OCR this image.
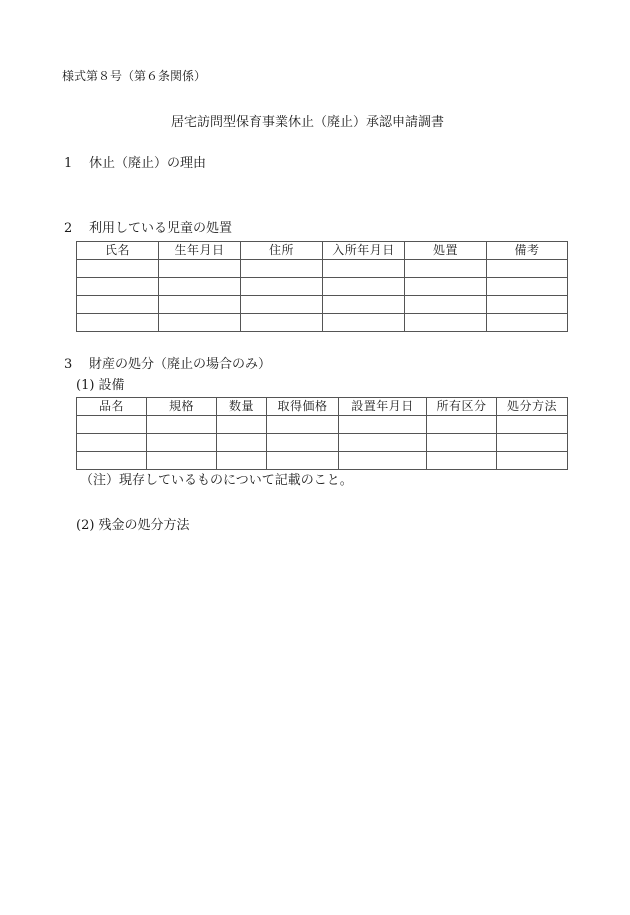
様式第８号（第６条関係）
居宅訪問型保育事業休止（廃止）承認申請調書
1 休止（廃止）の理由
2 利用している児童の処置
氏名	生年月日	住所	入所年月日	処置	備考

3 財産の処分（廃止の場合のみ）
(1) 設備
品名	規格	数量	取得価格	設置年月日	所有区分	処分方法

（注）現存しているものについて記載のこと。
(2) 残金の処分方法
